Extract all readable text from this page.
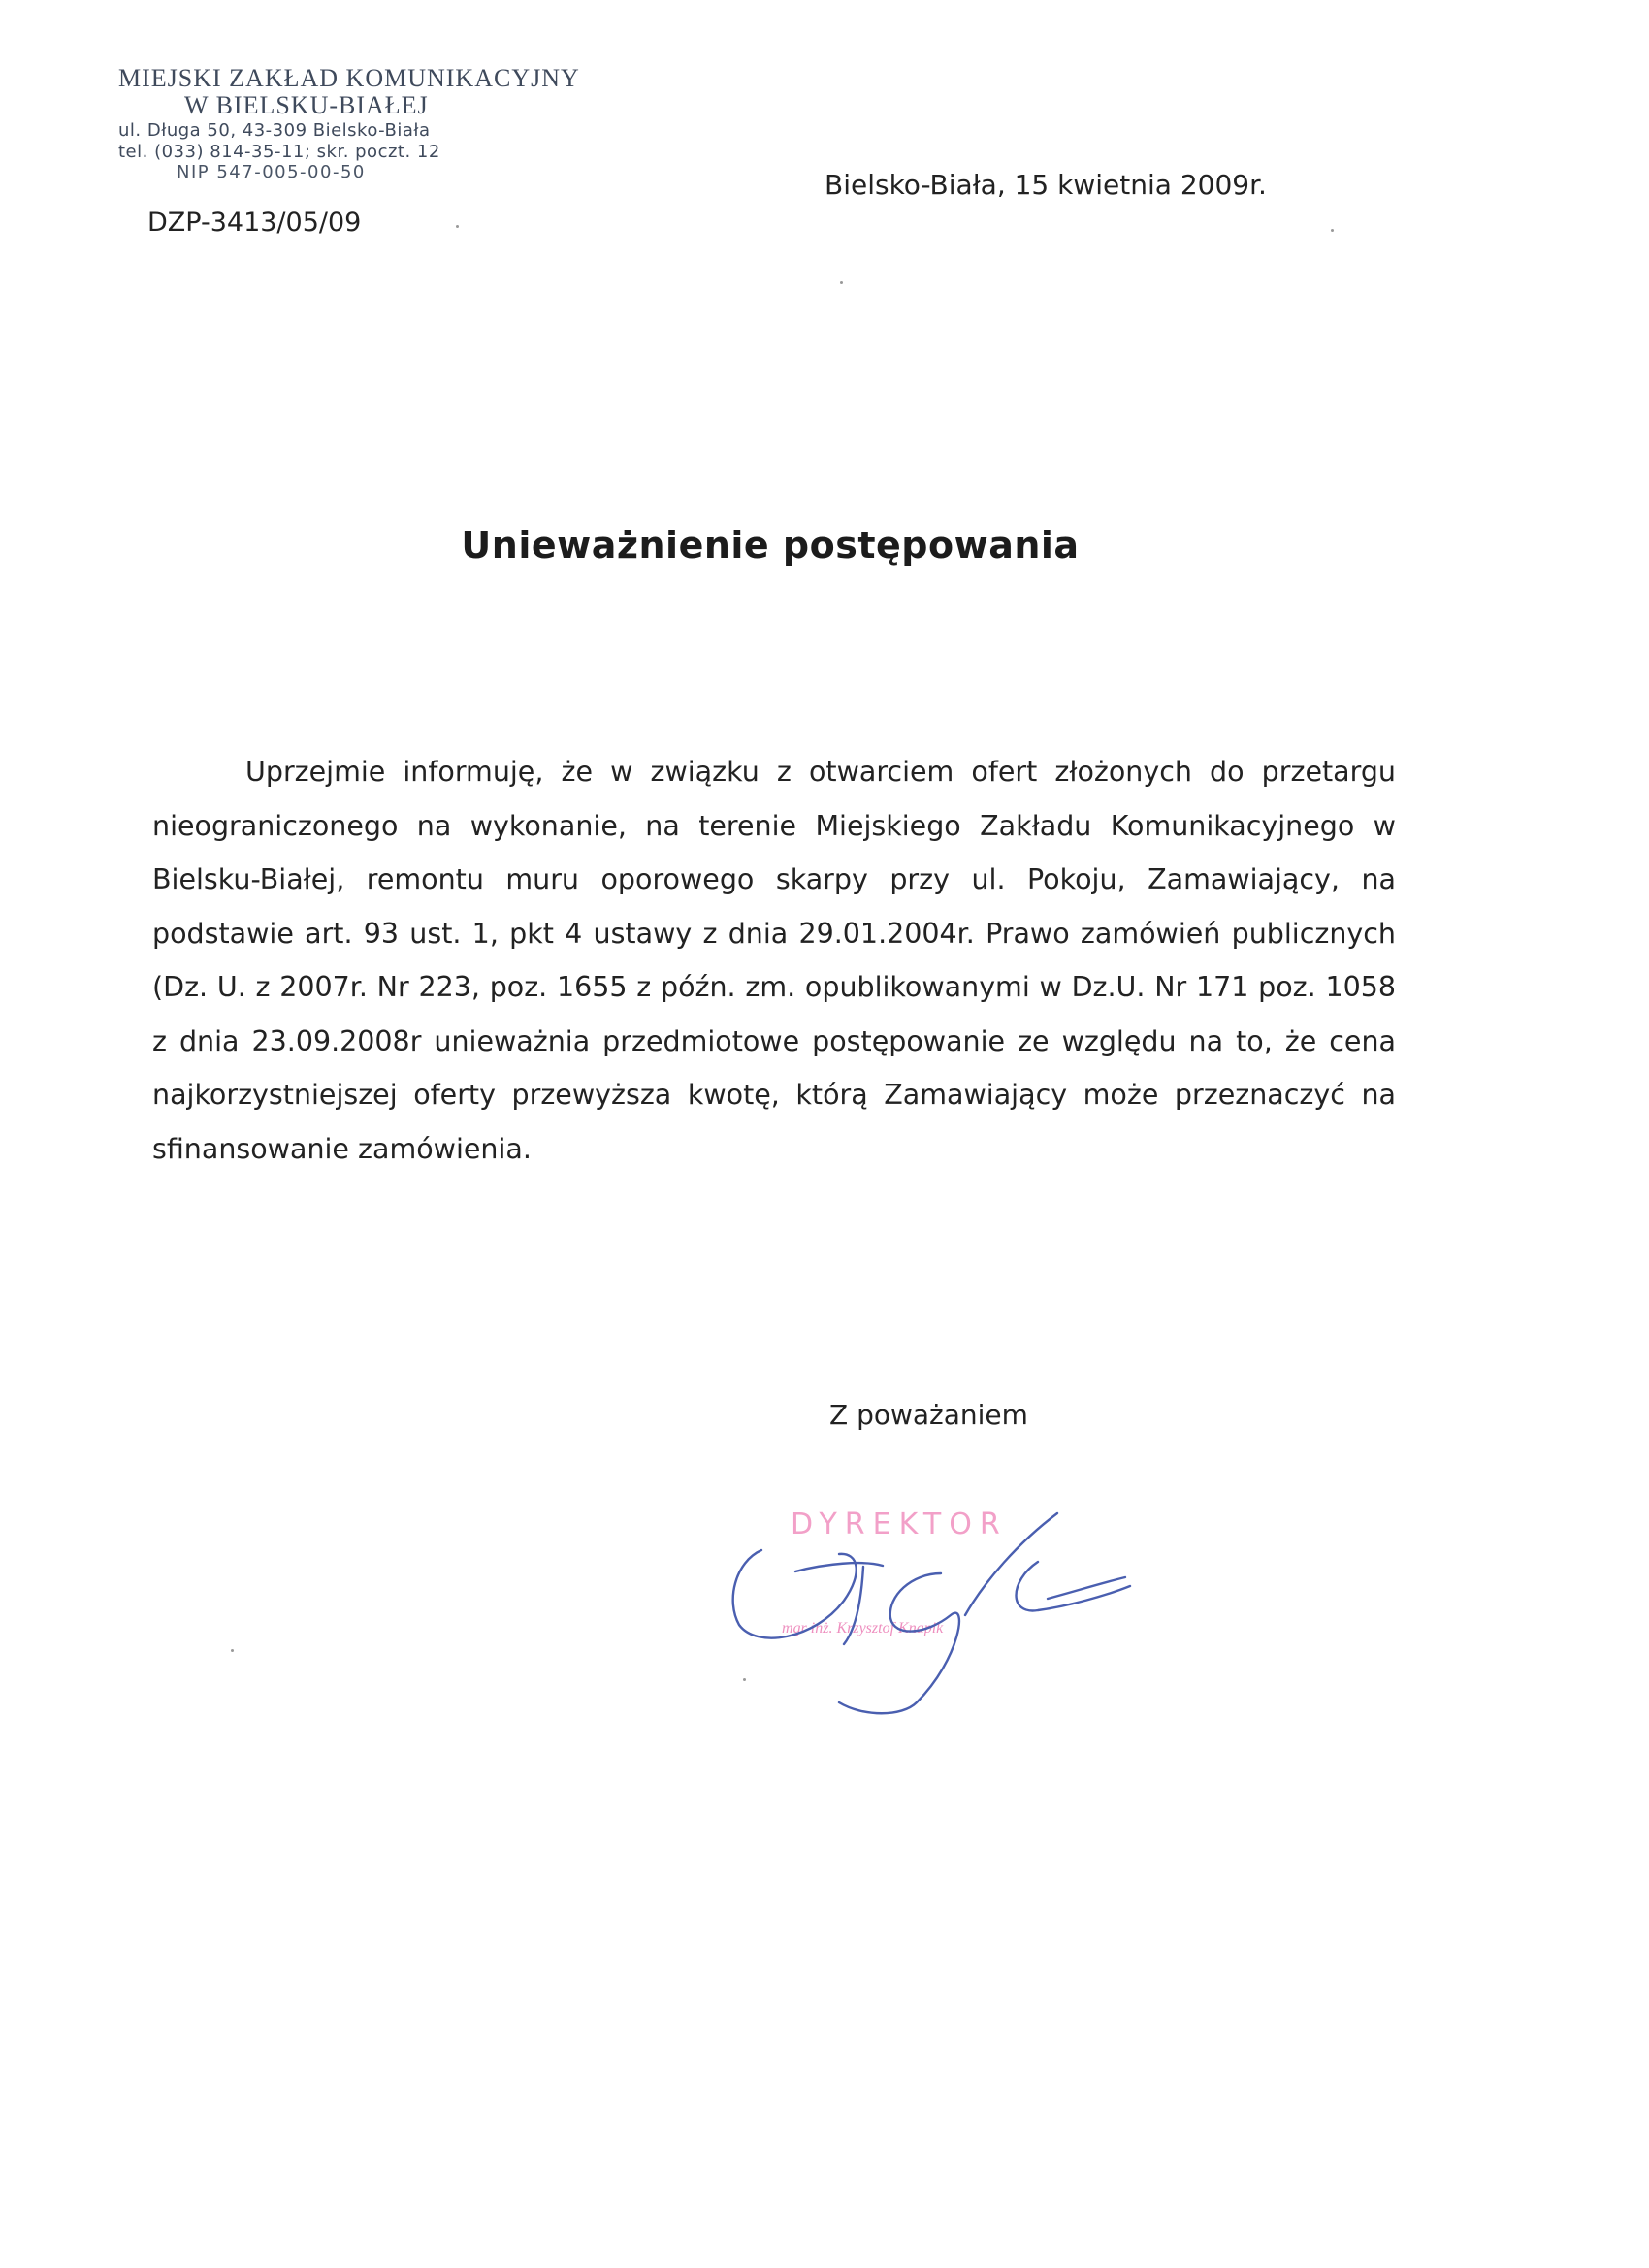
MIEJSKI ZAKŁAD KOMUNIKACYJNY
W BIELSKU-BIAŁEJ
ul. Długa 50, 43-309 Bielsko-Biała
tel. (033) 814-35-11; skr. poczt. 12
NIP 547-005-00-50
DZP-3413/05/09
Bielsko-Biała, 15 kwietnia 2009r.
Unieważnienie postępowania

Uprzejmie informuję, że w związku z otwarciem ofert złożonych do przetargu nieograniczonego na wykonanie, na terenie Miejskiego Zakładu Komunikacyjnego w Bielsku-Białej, remontu muru oporowego skarpy przy ul. Pokoju, Zamawiający, na podstawie art. 93 ust. 1, pkt 4 ustawy z dnia 29.01.2004r. Prawo zamówień publicznych (Dz. U. z 2007r. Nr 223, poz. 1655 z późn. zm. opublikowanymi w Dz.U. Nr 171 poz. 1058 z dnia 23.09.2008r unieważnia przedmiotowe postępowanie ze względu na to, że cena najkorzystniejszej oferty przewyższa kwotę, którą Zamawiający może przeznaczyć na sfinansowanie zamówienia.

Z poważaniem
DYREKTOR
mgr inż. Krzysztof Knapik
